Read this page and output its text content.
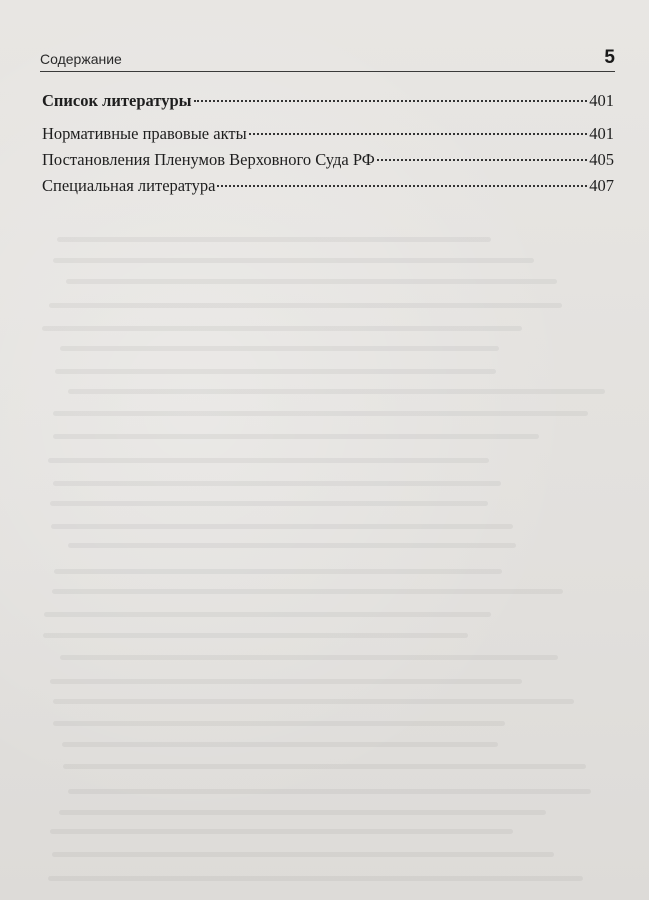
Содержание	5
Список литературы	401
Нормативные правовые акты	401
Постановления Пленумов Верховного Суда РФ	405
Специальная литература	407
